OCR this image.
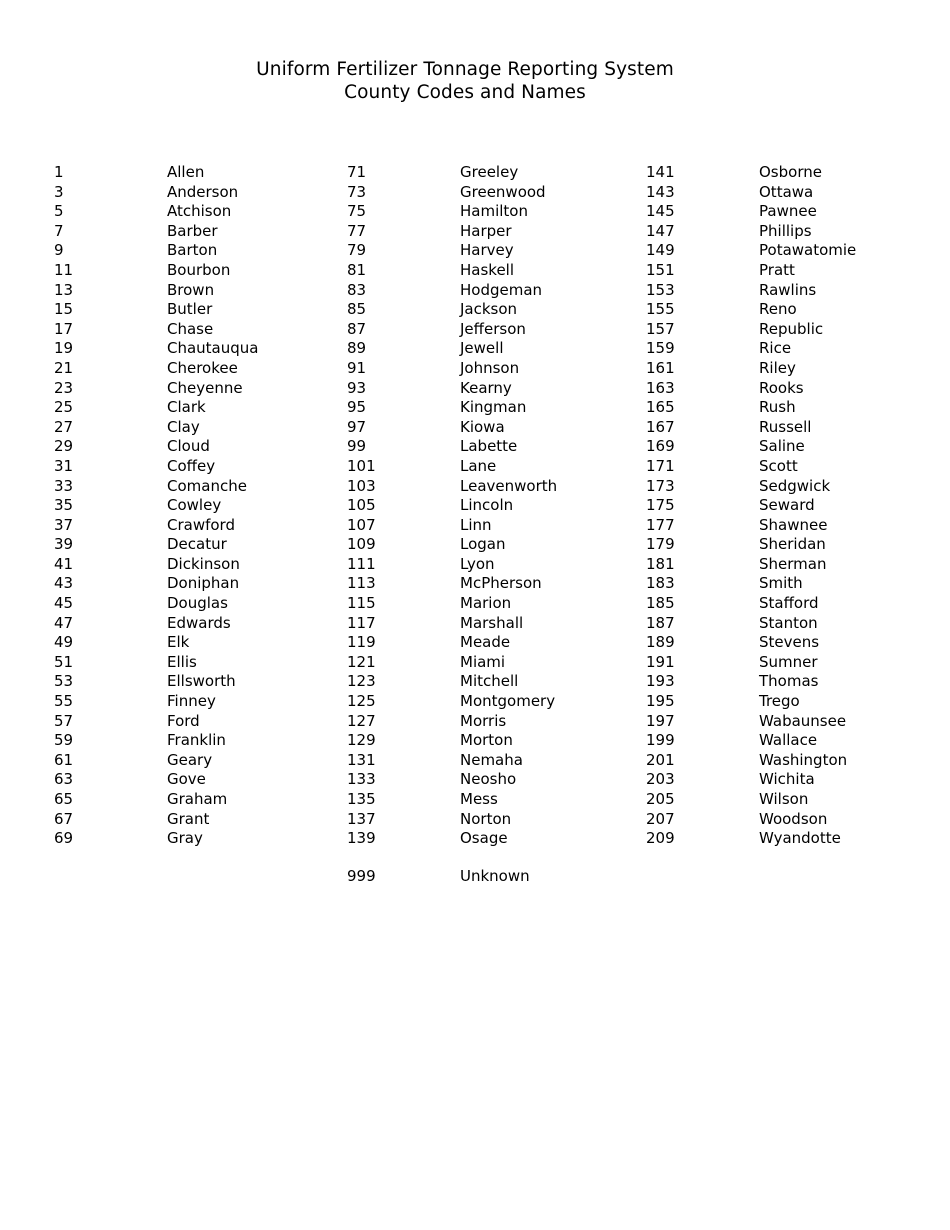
Uniform Fertilizer Tonnage Reporting System
County Codes and Names
1	Allen
3	Anderson
5	Atchison
7	Barber
9	Barton
11	Bourbon
13	Brown
15	Butler
17	Chase
19	Chautauqua
21	Cherokee
23	Cheyenne
25	Clark
27	Clay
29	Cloud
31	Coffey
33	Comanche
35	Cowley
37	Crawford
39	Decatur
41	Dickinson
43	Doniphan
45	Douglas
47	Edwards
49	Elk
51	Ellis
53	Ellsworth
55	Finney
57	Ford
59	Franklin
61	Geary
63	Gove
65	Graham
67	Grant
69	Gray
71	Greeley
73	Greenwood
75	Hamilton
77	Harper
79	Harvey
81	Haskell
83	Hodgeman
85	Jackson
87	Jefferson
89	Jewell
91	Johnson
93	Kearny
95	Kingman
97	Kiowa
99	Labette
101	Lane
103	Leavenworth
105	Lincoln
107	Linn
109	Logan
111	Lyon
113	McPherson
115	Marion
117	Marshall
119	Meade
121	Miami
123	Mitchell
125	Montgomery
127	Morris
129	Morton
131	Nemaha
133	Neosho
135	Mess
137	Norton
139	Osage
141	Osborne
143	Ottawa
145	Pawnee
147	Phillips
149	Potawatomie
151	Pratt
153	Rawlins
155	Reno
157	Republic
159	Rice
161	Riley
163	Rooks
165	Rush
167	Russell
169	Saline
171	Scott
173	Sedgwick
175	Seward
177	Shawnee
179	Sheridan
181	Sherman
183	Smith
185	Stafford
187	Stanton
189	Stevens
191	Sumner
193	Thomas
195	Trego
197	Wabaunsee
199	Wallace
201	Washington
203	Wichita
205	Wilson
207	Woodson
209	Wyandotte
999	Unknown
